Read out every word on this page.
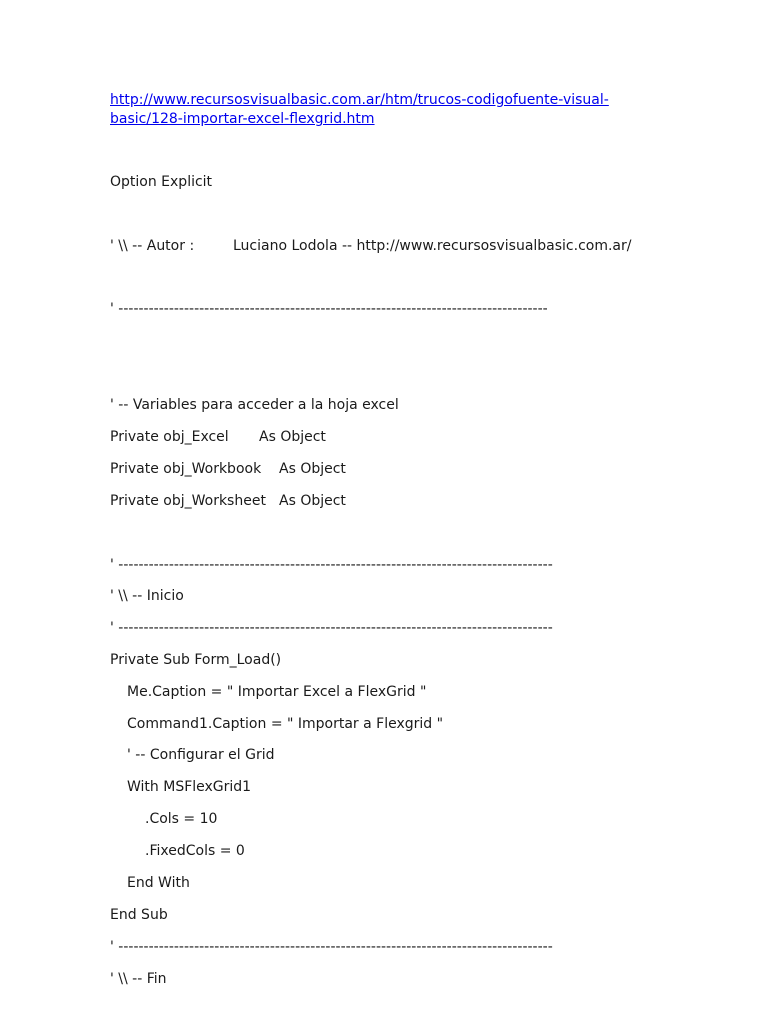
http://www.recursosvisualbasic.com.ar/htm/trucos-codigofuente-visual-
basic/128-importar-excel-flexgrid.htm
Option Explicit
' \\ -- Autor :	Luciano Lodola -- http://www.recursosvisualbasic.com.ar/
' -------------------------------------------------------------------------------------
' -- Variables para acceder a la hoja excel
Private obj_Excel As Object
Private obj_Workbook As Object
Private obj_Worksheet As Object
' --------------------------------------------------------------------------------------
' \\ -- Inicio
' --------------------------------------------------------------------------------------
Private Sub Form_Load()
Me.Caption = " Importar Excel a FlexGrid "
Command1.Caption = " Importar a Flexgrid "
' -- Configurar el Grid
With MSFlexGrid1
.Cols = 10
.FixedCols = 0
End With
End Sub
' --------------------------------------------------------------------------------------
' \\ -- Fin
